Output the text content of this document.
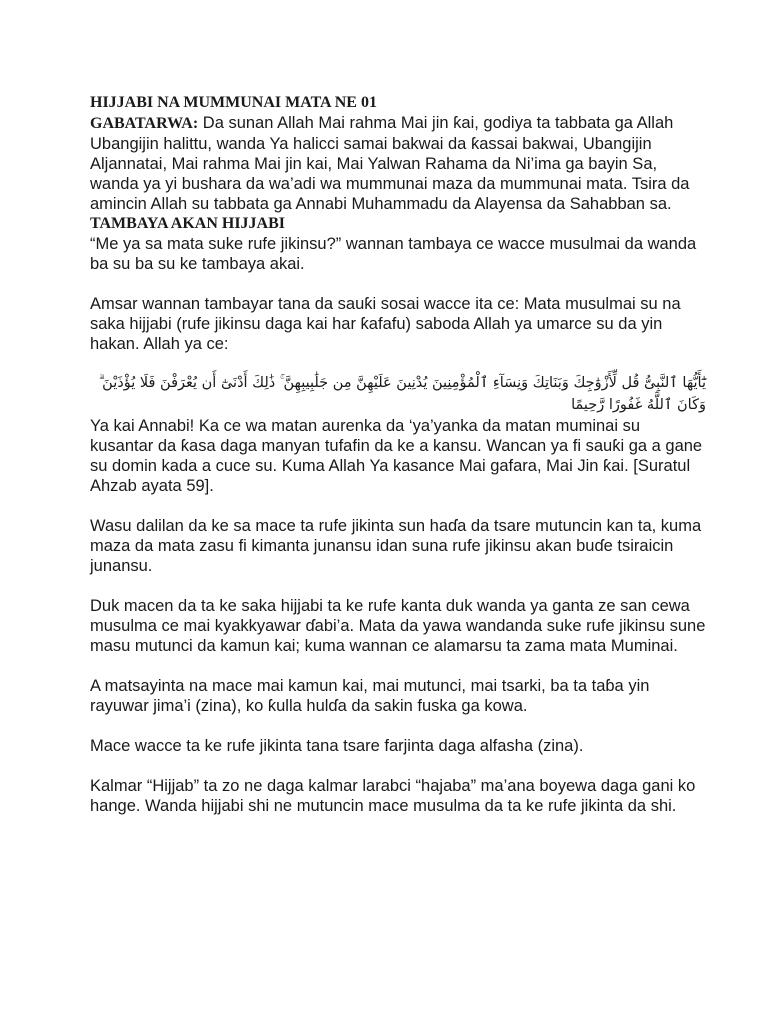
HIJJABI NA MUMMUNAI MATA NE 01

GABATARWA: Da sunan Allah Mai rahma Mai jin ƙai, godiya ta tabbata ga Allah Ubangijin halittu, wanda Ya halicci samai bakwai da ƙassai bakwai, Ubangijin Aljannatai, Mai rahma Mai jin kai, Mai Yalwan Rahama da Ni’ima ga bayin Sa, wanda ya yi bushara da wa’adi wa mummunai maza da mummunai mata. Tsira da amincin Allah su tabbata ga Annabi Muhammadu da Alayensa da Sahabban sa.

TAMBAYA AKAN HIJJABI

“Me ya sa mata suke rufe jikinsu?” wannan tambaya ce wacce musulmai da wanda ba su ba su ke tambaya akai.

Amsar wannan tambayar tana da sauƙi sosai wacce ita ce: Mata musulmai su na saka hijjabi (rufe jikinsu daga kai har ƙafafu) saboda Allah ya umarce su da yin hakan. Allah ya ce:

يَٰٓأَيُّهَا ٱلنَّبِىُّ قُل لِّأَزْوَٰجِكَ وَبَنَاتِكَ وَنِسَآءِ ٱلْمُؤْمِنِينَ يُدْنِينَ عَلَيْهِنَّ مِن جَلَٰبِيبِهِنَّ ۚ ذَٰلِكَ أَدْنَىٰٓ أَن يُعْرَفْنَ فَلَا يُؤْذَيْنَ ۗ وَكَانَ ٱللَّهُ غَفُورًا رَّحِيمًا

Ya kai Annabi! Ka ce wa matan aurenka da ‘ya’yanka da matan muminai su kusantar da ƙasa daga manyan tufafin da ke a kansu. Wancan ya fi sauƙi ga a gane su domin kada a cuce su. Kuma Allah Ya kasance Mai gafara, Mai Jin ƙai. [Suratul Ahzab ayata 59].

Wasu dalilan da ke sa mace ta rufe jikinta sun haɗa da tsare mutuncin kan ta, kuma maza da mata zasu fi kimanta junansu idan suna rufe jikinsu akan buɗe tsiraicin junansu.

Duk macen da ta ke saka hijjabi ta ke rufe kanta duk wanda ya ganta ze san cewa musulma ce mai kyakkyawar ɗabi’a. Mata da yawa wandanda suke rufe jikinsu sune masu mutunci da kamun kai; kuma wannan ce alamarsu ta zama mata Muminai.

A matsayinta na mace mai kamun kai, mai mutunci, mai tsarki, ba ta taɓa yin rayuwar jima’i (zina), ko ƙulla hulɗa da sakin fuska ga kowa.

Mace wacce ta ke rufe jikinta tana tsare farjinta daga alfasha (zina).

Kalmar “Hijjab” ta zo ne daga kalmar larabci “hajaba” ma’ana boyewa daga gani ko hange. Wanda hijjabi shi ne mutuncin mace musulma da ta ke rufe jikinta da shi.
